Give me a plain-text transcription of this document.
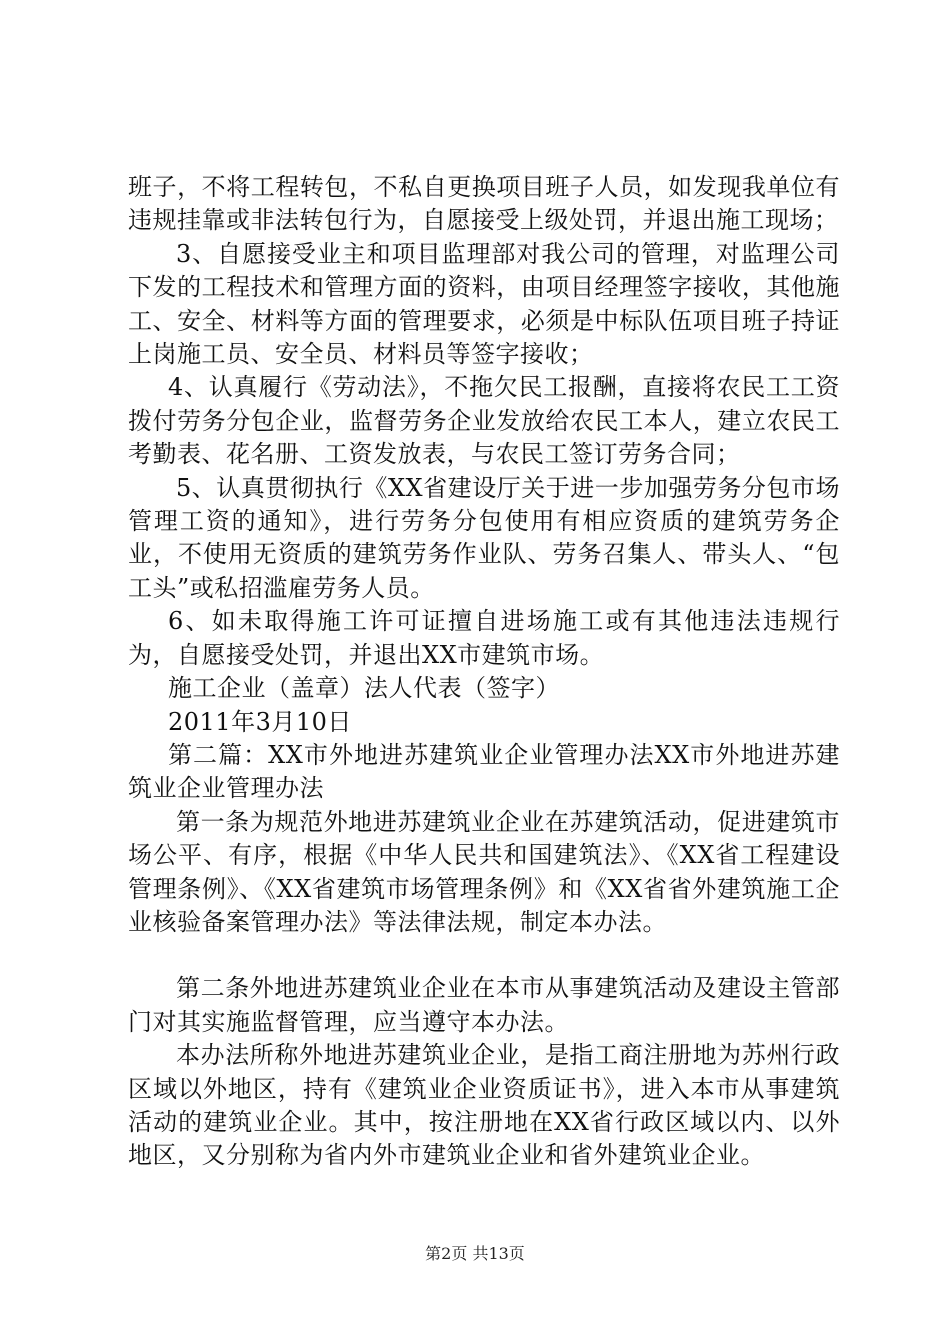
班子，不将工程转包，不私自更换项目班子人员，如发现我单位有违规挂靠或非法转包行为，自愿接受上级处罚，并退出施工现场；

3、自愿接受业主和项目监理部对我公司的管理，对监理公司下发的工程技术和管理方面的资料，由项目经理签字接收，其他施工、安全、材料等方面的管理要求，必须是中标队伍项目班子持证上岗施工员、安全员、材料员等签字接收；

4、认真履行《劳动法》，不拖欠民工报酬，直接将农民工工资拨付劳务分包企业，监督劳务企业发放给农民工本人，建立农民工考勤表、花名册、工资发放表，与农民工签订劳务合同；

5、认真贯彻执行《XX省建设厅关于进一步加强劳务分包市场管理工资的通知》，进行劳务分包使用有相应资质的建筑劳务企业，不使用无资质的建筑劳务作业队、劳务召集人、带头人、“包工头”或私招滥雇劳务人员。

6、如未取得施工许可证擅自进场施工或有其他违法违规行为，自愿接受处罚，并退出XX市建筑市场。

施工企业（盖章）法人代表（签字）

2011年3月10日

第二篇：XX市外地进苏建筑业企业管理办法XX市外地进苏建筑业企业管理办法

第一条为规范外地进苏建筑业企业在苏建筑活动，促进建筑市场公平、有序，根据《中华人民共和国建筑法》、《XX省工程建设管理条例》、《XX省建筑市场管理条例》和《XX省省外建筑施工企业核验备案管理办法》等法律法规，制定本办法。

第二条外地进苏建筑业企业在本市从事建筑活动及建设主管部门对其实施监督管理，应当遵守本办法。

本办法所称外地进苏建筑业企业，是指工商注册地为苏州行政区域以外地区，持有《建筑业企业资质证书》，进入本市从事建筑活动的建筑业企业。其中，按注册地在XX省行政区域以内、以外地区，又分别称为省内外市建筑业企业和省外建筑业企业。

第2页 共13页
